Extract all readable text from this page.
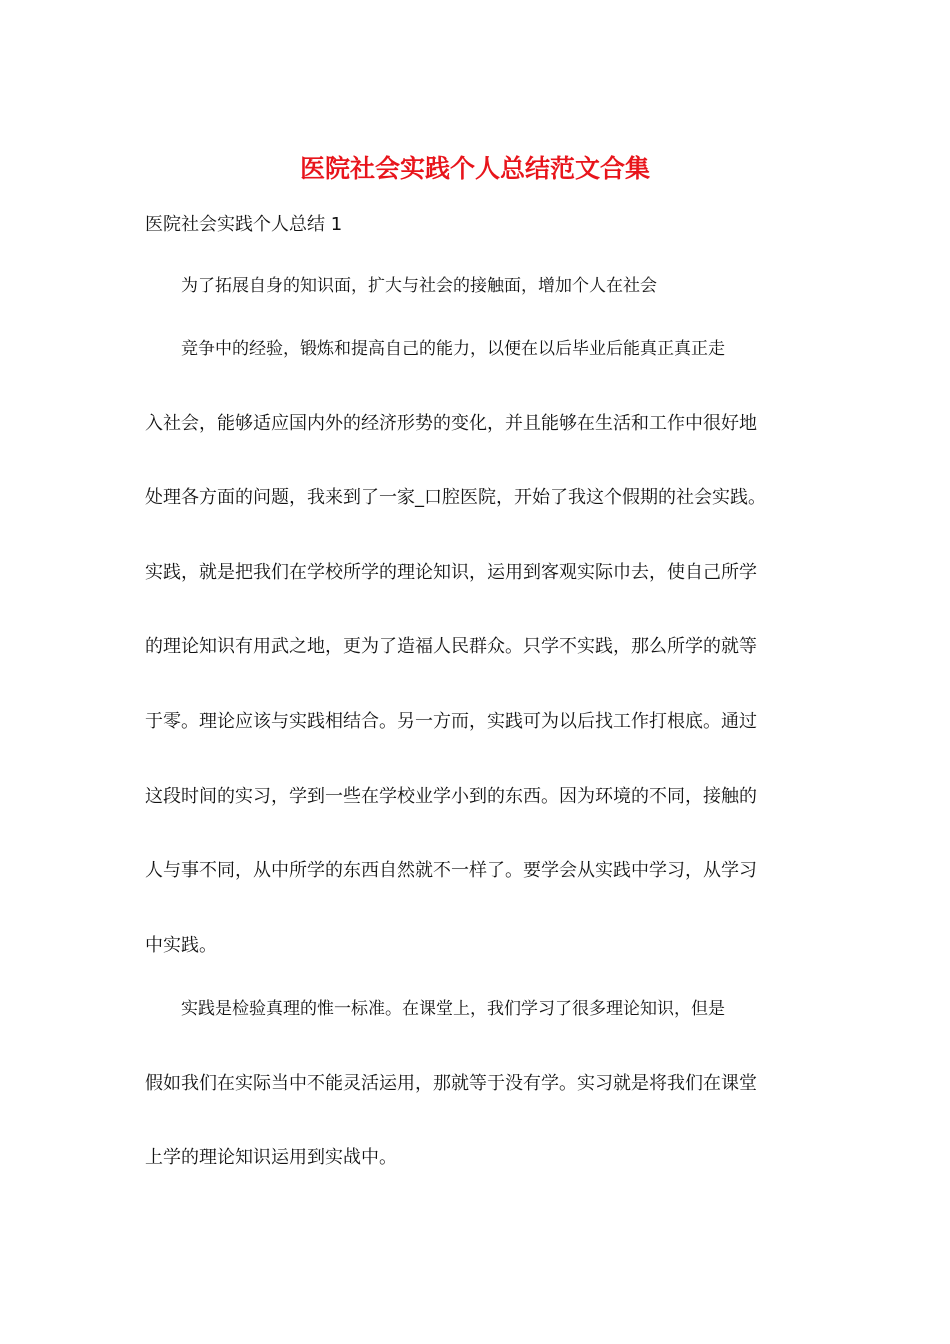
医院社会实践个人总结范文合集
医院社会实践个人总结 1
为了拓展自身的知识面，扩大与社会的接触面，增加个人在社会
竞争中的经验，锻炼和提高自己的能力，以便在以后毕业后能真正真正走
入社会，能够适应国内外的经济形势的变化，并且能够在生活和工作中很好地
处理各方面的问题，我来到了一家_口腔医院，开始了我这个假期的社会实践。
实践，就是把我们在学校所学的理论知识，运用到客观实际巾去，使自己所学
的理论知识有用武之地，更为了造福人民群众。只学不实践，那么所学的就等
于零。理论应该与实践相结合。另一方而，实践可为以后找工作打根底。通过
这段时间的实习，学到一些在学校业学小到的东西。因为环境的不同，接触的
人与事不同，从中所学的东西自然就不一样了。要学会从实践中学习，从学习
中实践。
实践是检验真理的惟一标准。在课堂上，我们学习了很多理论知识，但是
假如我们在实际当中不能灵活运用，那就等于没有学。实习就是将我们在课堂
上学的理论知识运用到实战中。
